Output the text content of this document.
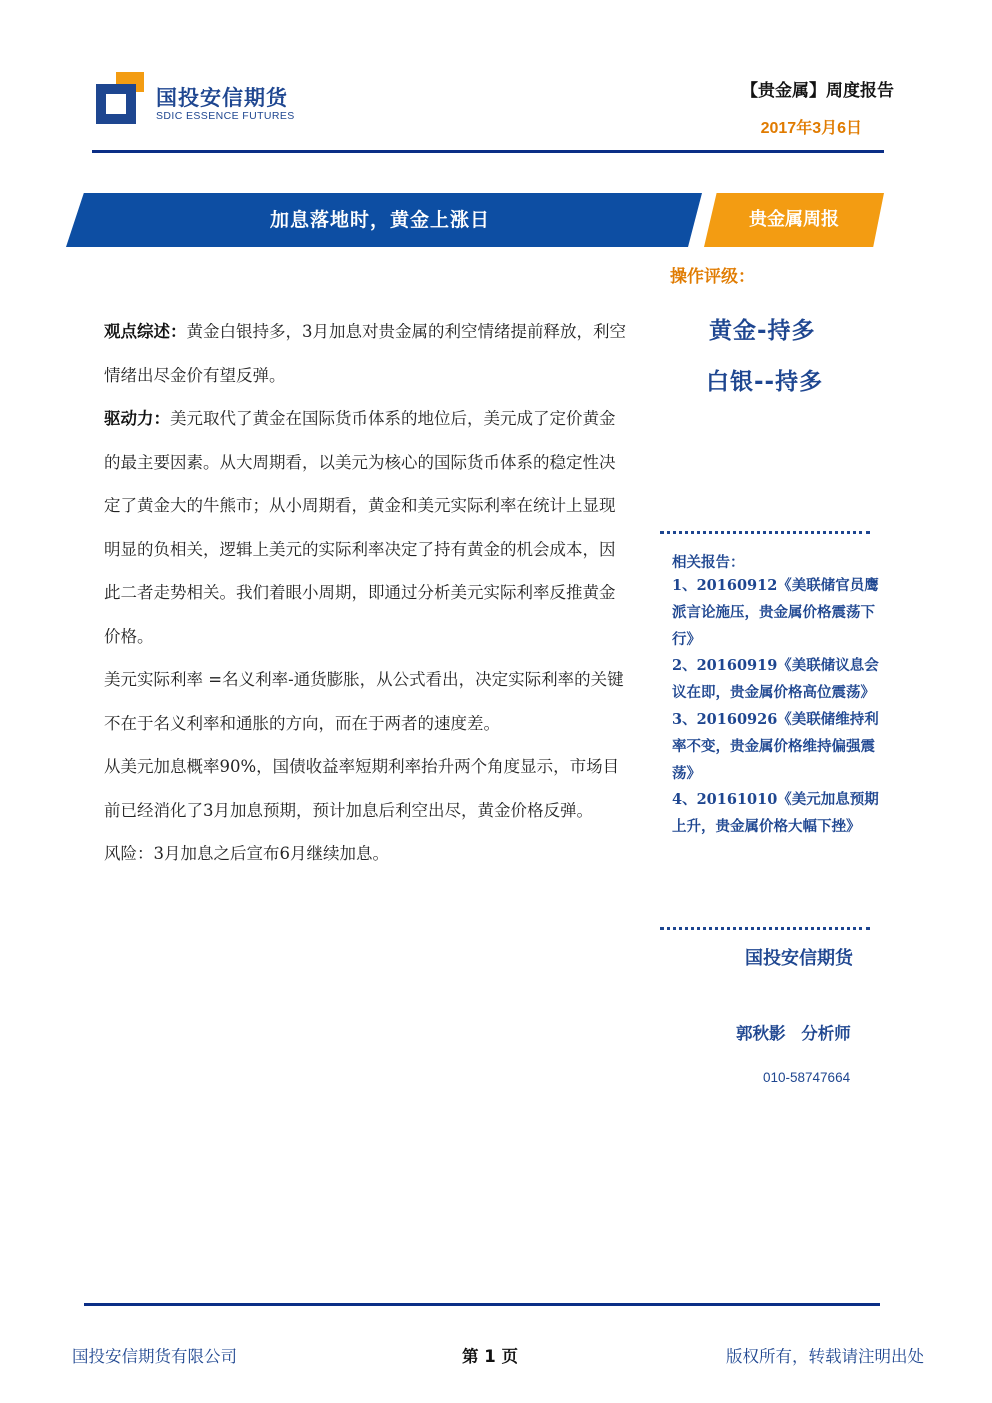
国投安信期货
SDIC ESSENCE FUTURES
【贵金属】周度报告
2017年3月6日
加息落地时，黄金上涨日	贵金属周报

观点综述：黄金白银持多，3月加息对贵金属的利空情绪提前释放，利空情绪出尽金价有望反弹。

驱动力：美元取代了黄金在国际货币体系的地位后，美元成了定价黄金的最主要因素。从大周期看，以美元为核心的国际货币体系的稳定性决定了黄金大的牛熊市；从小周期看，黄金和美元实际利率在统计上显现明显的负相关，逻辑上美元的实际利率决定了持有黄金的机会成本，因此二者走势相关。我们着眼小周期，即通过分析美元实际利率反推黄金价格。

美元实际利率 =名义利率-通货膨胀，从公式看出，决定实际利率的关键不在于名义利率和通胀的方向，而在于两者的速度差。

从美元加息概率90%，国债收益率短期利率抬升两个角度显示，市场目前已经消化了3月加息预期，预计加息后利空出尽，黄金价格反弹。

风险：3月加息之后宣布6月继续加息。

操作评级：
黄金-持多
白银--持多
相关报告：
1、20160912《美联储官员鹰派言论施压，贵金属价格震荡下行》
2、20160919《美联储议息会议在即，贵金属价格高位震荡》
3、20160926《美联储维持利率不变，贵金属价格维持偏强震荡》
4、20161010《美元加息预期上升，贵金属价格大幅下挫》
国投安信期货
郭秋影 分析师
010-58747664
国投安信期货有限公司	第 1 页	版权所有，转载请注明出处
